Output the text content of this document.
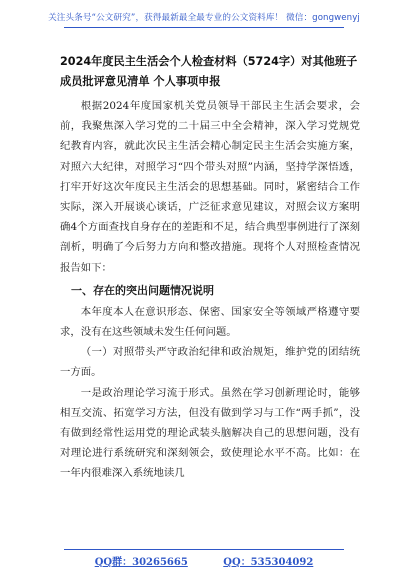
关注头条号“公文研究”，获得最新最全最专业的公文资料库！ 微信：gongwenyj
2024年度民主生活会个人检查材料（5724字）对其他班子成员批评意见清单 个人事项申报

根据2024年度国家机关党员领导干部民主生活会要求，会前，我聚焦深入学习党的二十届三中全会精神，深入学习党规党纪教育内容，就此次民主生活会精心制定民主生活会实施方案，对照六大纪律，对照学习“四个带头对照”内涵，坚持学深悟透，打牢开好这次年度民主生活会的思想基础。同时，紧密结合工作实际，深入开展谈心谈话，广泛征求意见建议，对照会议方案明确4个方面查找自身存在的差距和不足，结合典型事例进行了深刻剖析，明确了今后努力方向和整改措施。现将个人对照检查情况报告如下：

一、存在的突出问题情况说明

本年度本人在意识形态、保密、国家安全等领域严格遵守要求，没有在这些领域未发生任何问题。

（一）对照带头严守政治纪律和政治规矩，维护党的团结统一方面。

一是政治理论学习流于形式。虽然在学习创新理论时，能够相互交流、拓宽学习方法，但没有做到学习与工作“两手抓”，没有做到经常性运用党的理论武装头脑解决自己的思想问题，没有对理论进行系统研究和深刻领会，致使理论水平不高。比如：在一年内很难深入系统地读几

QQ群：30265665	QQ：535304092
